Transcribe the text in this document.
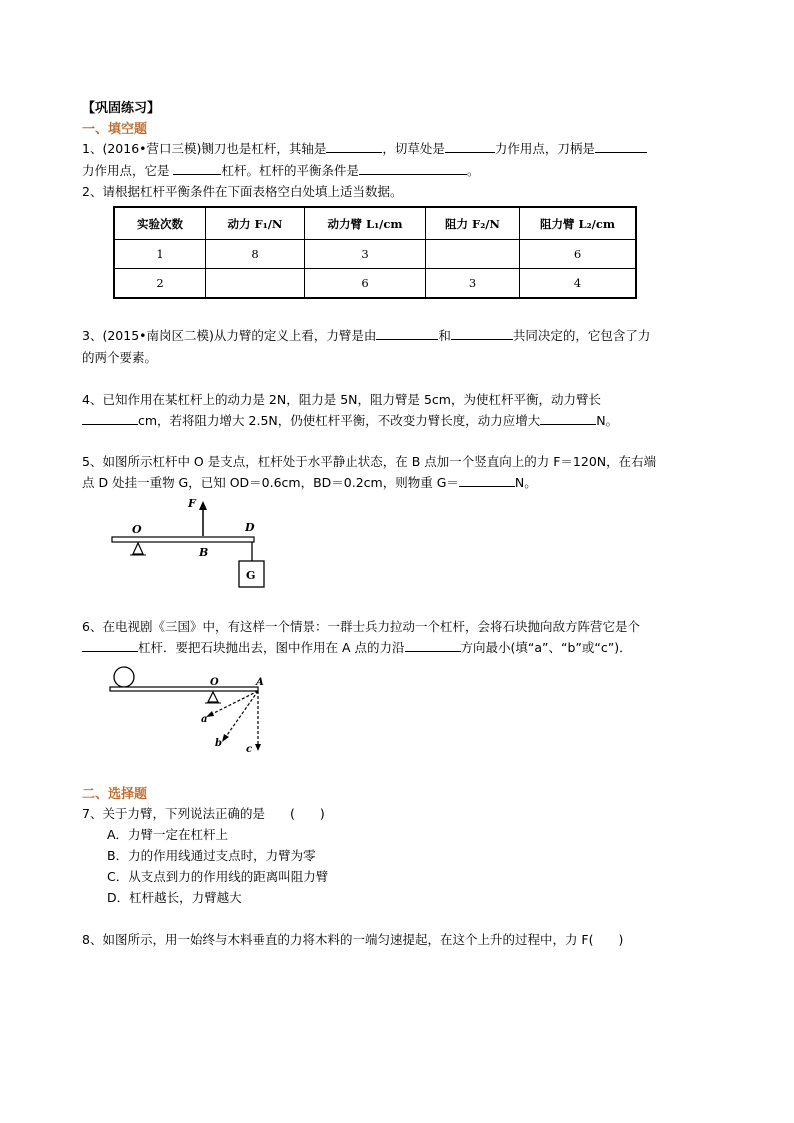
【巩固练习】
一、填空题
1、(2016•营口三模)铡刀也是杠杆，其轴是	，切草处是	力作用点，刀柄是
力作用点，它是	杠杆。杠杆的平衡条件是	。
2、请根据杠杆平衡条件在下面表格空白处填上适当数据。
实验次数	动力 F₁/N	动力臂 L₁/cm	阻力 F₂/N	阻力臂 L₂/cm
1	8	3		6
2		6	3	4
3、(2015•南岗区二模)从力臂的定义上看，力臂是由	和	共同决定的，它包含了力
的两个要素。
4、已知作用在某杠杆上的动力是 2N，阻力是 5N，阻力臂是 5cm，为使杠杆平衡，动力臂长
cm，若将阻力增大 2.5N，仍使杠杆平衡，不改变力臂长度，动力应增大	N。
5、如图所示杠杆中 O 是支点，杠杆处于水平静止状态，在 B 点加一个竖直向上的力 F＝120N，在右端
点 D 处挂一重物 G，已知 OD＝0.6cm，BD＝0.2cm，则物重 G＝	N。
F
O	D
B
G
6、在电视剧《三国》中，有这样一个情景：一群士兵力拉动一个杠杆，会将石块抛向敌方阵营它是个
杠杆．要把石块抛出去，图中作用在 A 点的力沿	方向最小(填“a”、“b”或“c”)．
O	A
a
b
c
二、选择题
7、关于力臂，下列说法正确的是　　(　　)
A．力臂一定在杠杆上
B．力的作用线通过支点时，力臂为零
C．从支点到力的作用线的距离叫阻力臂
D．杠杆越长，力臂越大
8、如图所示，用一始终与木料垂直的力将木料的一端匀速提起，在这个上升的过程中，力 F(　　)
